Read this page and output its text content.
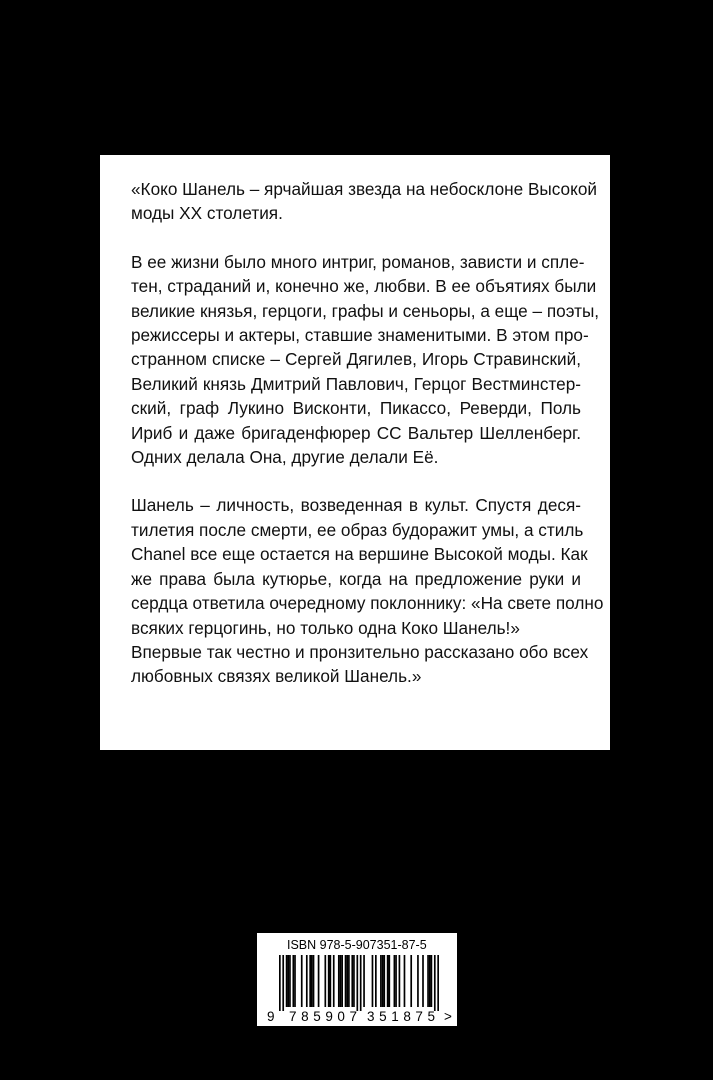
«Коко Шанель – ярчайшая звезда на небосклоне Высокой
моды XX столетия.
В ее жизни было много интриг, романов, зависти и спле-
тен, страданий и, конечно же, любви. В ее объятиях были
великие князья, герцоги, графы и сеньоры, а еще – поэты,
режиссеры и актеры, ставшие знаменитыми. В этом про-
странном списке – Сергей Дягилев, Игорь Стравинский,
Великий князь Дмитрий Павлович, Герцог Вестминстер-
ский, граф Лукино Висконти, Пикассо, Реверди, Поль
Ириб и даже бригаденфюрер СС Вальтер Шелленберг.
Одних делала Она, другие делали Её.
Шанель – личность, возведенная в культ. Спустя деся-
тилетия после смерти, ее образ будоражит умы, а стиль
Chanel все еще остается на вершине Высокой моды. Как
же права была кутюрье, когда на предложение руки и
сердца ответила очередному поклоннику: «На свете полно
всяких герцогинь, но только одна Коко Шанель!»
Впервые так честно и пронзительно рассказано обо всех
любовных связях великой Шанель.»
ISBN 978-5-907351-87-5
9 785907 351875 >
